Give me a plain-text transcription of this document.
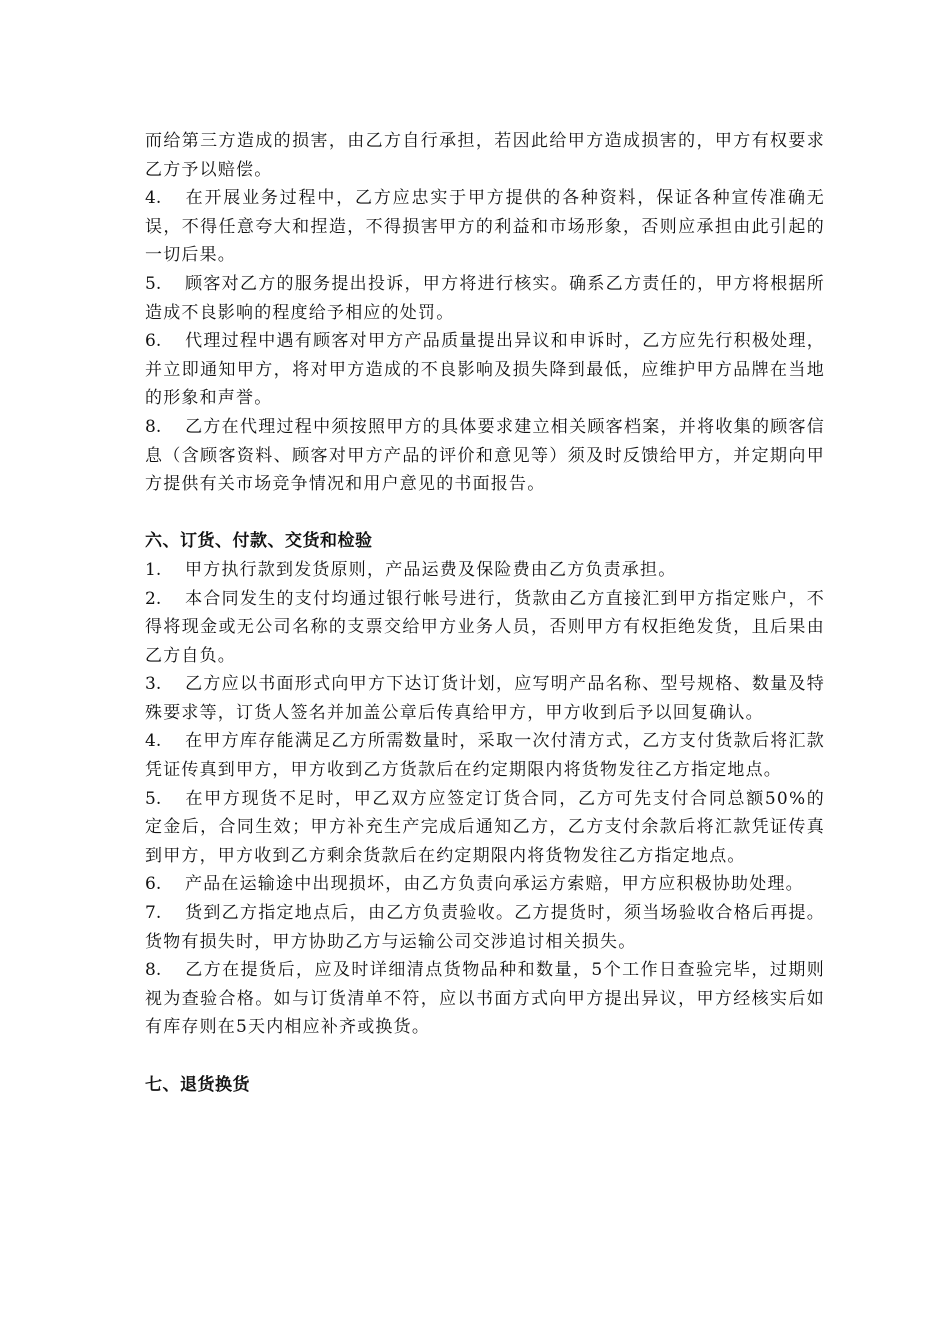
而给第三方造成的损害，由乙方自行承担，若因此给甲方造成损害的，甲方有权要求乙方予以赔偿。

4. 在开展业务过程中，乙方应忠实于甲方提供的各种资料，保证各种宣传准确无误，不得任意夸大和捏造，不得损害甲方的利益和市场形象，否则应承担由此引起的一切后果。

5. 顾客对乙方的服务提出投诉，甲方将进行核实。确系乙方责任的，甲方将根据所造成不良影响的程度给予相应的处罚。

6. 代理过程中遇有顾客对甲方产品质量提出异议和申诉时，乙方应先行积极处理，并立即通知甲方，将对甲方造成的不良影响及损失降到最低，应维护甲方品牌在当地的形象和声誉。

8. 乙方在代理过程中须按照甲方的具体要求建立相关顾客档案，并将收集的顾客信息（含顾客资料、顾客对甲方产品的评价和意见等）须及时反馈给甲方，并定期向甲方提供有关市场竞争情况和用户意见的书面报告。

六、订货、付款、交货和检验

1. 甲方执行款到发货原则，产品运费及保险费由乙方负责承担。

2. 本合同发生的支付均通过银行帐号进行，货款由乙方直接汇到甲方指定账户，不得将现金或无公司名称的支票交给甲方业务人员，否则甲方有权拒绝发货，且后果由乙方自负。

3. 乙方应以书面形式向甲方下达订货计划，应写明产品名称、型号规格、数量及特殊要求等，订货人签名并加盖公章后传真给甲方，甲方收到后予以回复确认。

4. 在甲方库存能满足乙方所需数量时，采取一次付清方式，乙方支付货款后将汇款凭证传真到甲方，甲方收到乙方货款后在约定期限内将货物发往乙方指定地点。

5. 在甲方现货不足时，甲乙双方应签定订货合同，乙方可先支付合同总额50%的定金后，合同生效；甲方补充生产完成后通知乙方，乙方支付余款后将汇款凭证传真到甲方，甲方收到乙方剩余货款后在约定期限内将货物发往乙方指定地点。

6. 产品在运输途中出现损坏，由乙方负责向承运方索赔，甲方应积极协助处理。

7. 货到乙方指定地点后，由乙方负责验收。乙方提货时，须当场验收合格后再提。货物有损失时，甲方协助乙方与运输公司交涉追讨相关损失。

8. 乙方在提货后，应及时详细清点货物品种和数量，5个工作日查验完毕，过期则视为查验合格。如与订货清单不符，应以书面方式向甲方提出异议，甲方经核实后如有库存则在5天内相应补齐或换货。

七、退货换货
